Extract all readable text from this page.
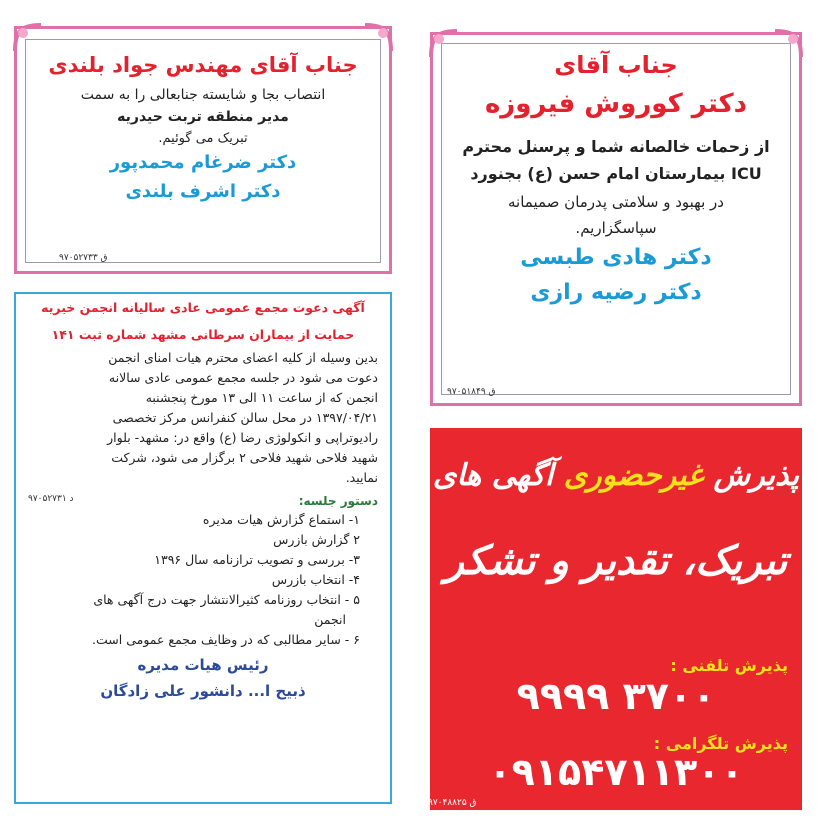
جناب آقای مهندس جواد بلندی
انتصاب بجا و شایسته جنابعالی را به سمت
مدیر منطقه تربت حیدریه
تبریک می گوئیم.
دکتر ضرغام محمدپور
دکتر اشرف بلندی
۹۷۰۵۲۷۳۳ ق
جناب آقای
دکتر کوروش فیروزه
از زحمات خالصانه شما و پرسنل محترم
ICU بیمارستان امام حسن (ع) بجنورد
در بهبود و سلامتی پدرمان صمیمانه
سپاسگزاریم.
دکتر هادی طبسی
دکتر رضیه رازی
۹۷۰۵۱۸۴۹ ق
آگهی دعوت مجمع عمومی عادی سالیانه انجمن خیریه
حمایت از بیماران سرطانی مشهد شماره ثبت ۱۴۱
بدین وسیله از کلیه اعضای محترم هیات امنای انجمن
دعوت می شود در جلسه مجمع عمومی عادی سالانه
انجمن که از ساعت ۱۱ الی ۱۳ مورخ پنجشنبه
۱۳۹۷/۰۴/۲۱ در محل سالن کنفرانس مرکز تخصصی
رادیوتراپی و انکولوژی رضا (ع) واقع در: مشهد- بلوار
شهید فلاحی شهید فلاحی ۲ برگزار می شود، شرکت
نمایید.
دستور جلسه:
۹۷۰۵۲۷۳۱ د
۱- استماع گزارش هیات مدیره
۲ گزارش بازرس
۳- بررسی و تصویب ترازنامه سال ۱۳۹۶
۴- انتخاب بازرس
۵ - انتخاب روزنامه کثیرالانتشار جهت درج آگهی های
انجمن
۶ - سایر مطالبی که در وظایف مجمع عمومی است.
رئیس هیات مدیره
ذبیح ا... دانشور علی زادگان
پذیرش غیرحضوری آگهی های
تبریک، تقدیر و تشکر
پذیرش تلفنی :
۳۷۰۰ ۹۹۹۹
پذیرش تلگرامی :
۰۹۱۵۴۷۱۱۳۰۰
۹۷۰۴۸۸۲۵ ق
